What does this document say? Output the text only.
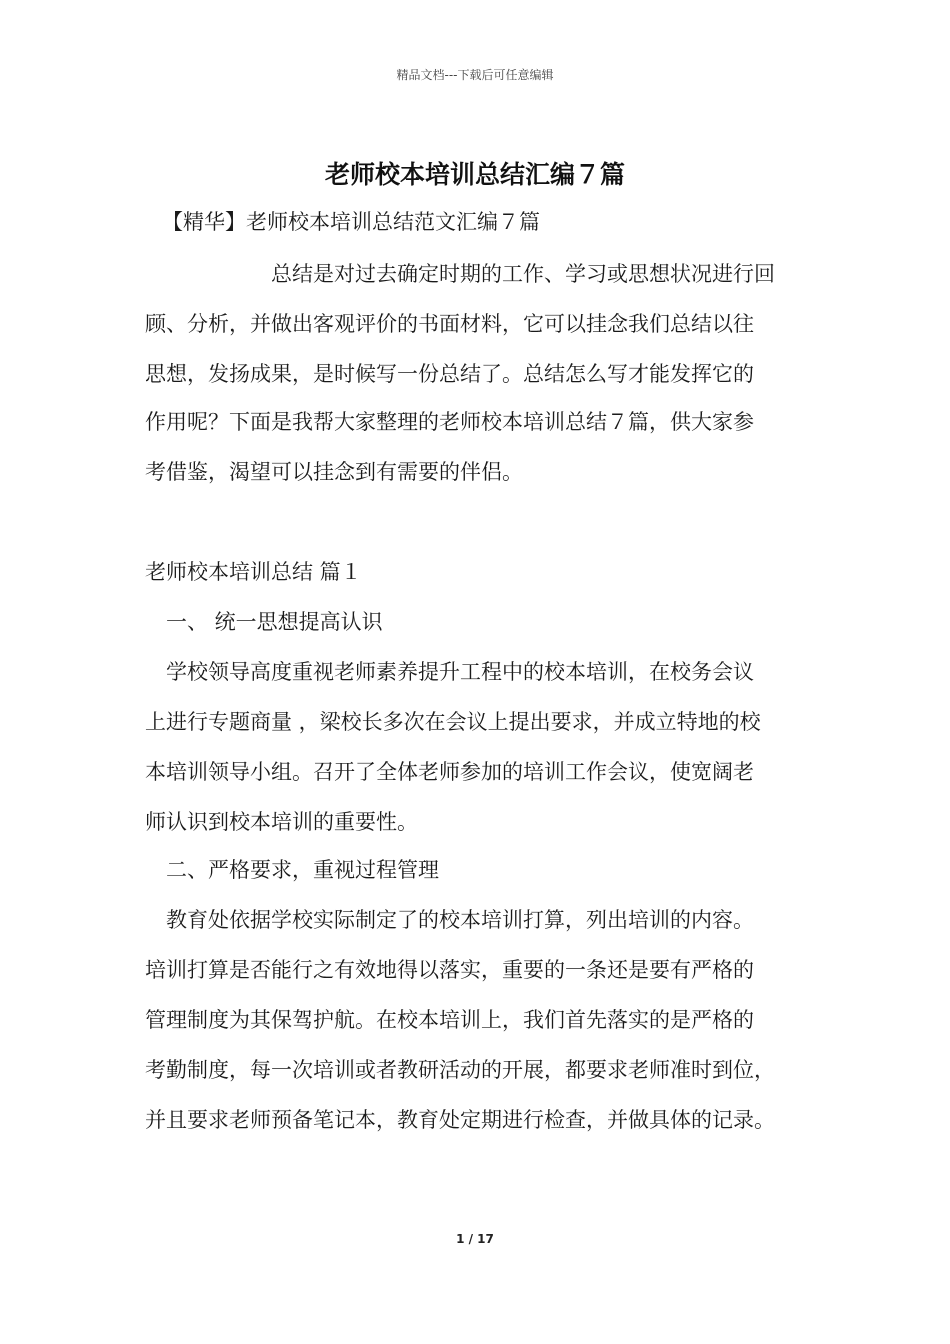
精品文档---下载后可任意编辑
老师校本培训总结汇编７篇
【精华】老师校本培训总结范文汇编７篇
总结是对过去确定时期的工作、学习或思想状况进行回
顾、分析，并做出客观评价的书面材料，它可以挂念我们总结以往
思想，发扬成果，是时候写一份总结了。总结怎么写才能发挥它的
作用呢？下面是我帮大家整理的老师校本培训总结７篇，供大家参
考借鉴，渴望可以挂念到有需要的伴侣。
老师校本培训总结 篇１
一、 统一思想提高认识
学校领导高度重视老师素养提升工程中的校本培训，在校务会议
上进行专题商量 ，梁校长多次在会议上提出要求，并成立特地的校
本培训领导小组。召开了全体老师参加的培训工作会议，使宽阔老
师认识到校本培训的重要性。
二、严格要求，重视过程管理
教育处依据学校实际制定了的校本培训打算，列出培训的内容。
培训打算是否能行之有效地得以落实，重要的一条还是要有严格的
管理制度为其保驾护航。在校本培训上，我们首先落实的是严格的
考勤制度，每一次培训或者教研活动的开展，都要求老师准时到位，
并且要求老师预备笔记本，教育处定期进行检查，并做具体的记录。
1 / 17
